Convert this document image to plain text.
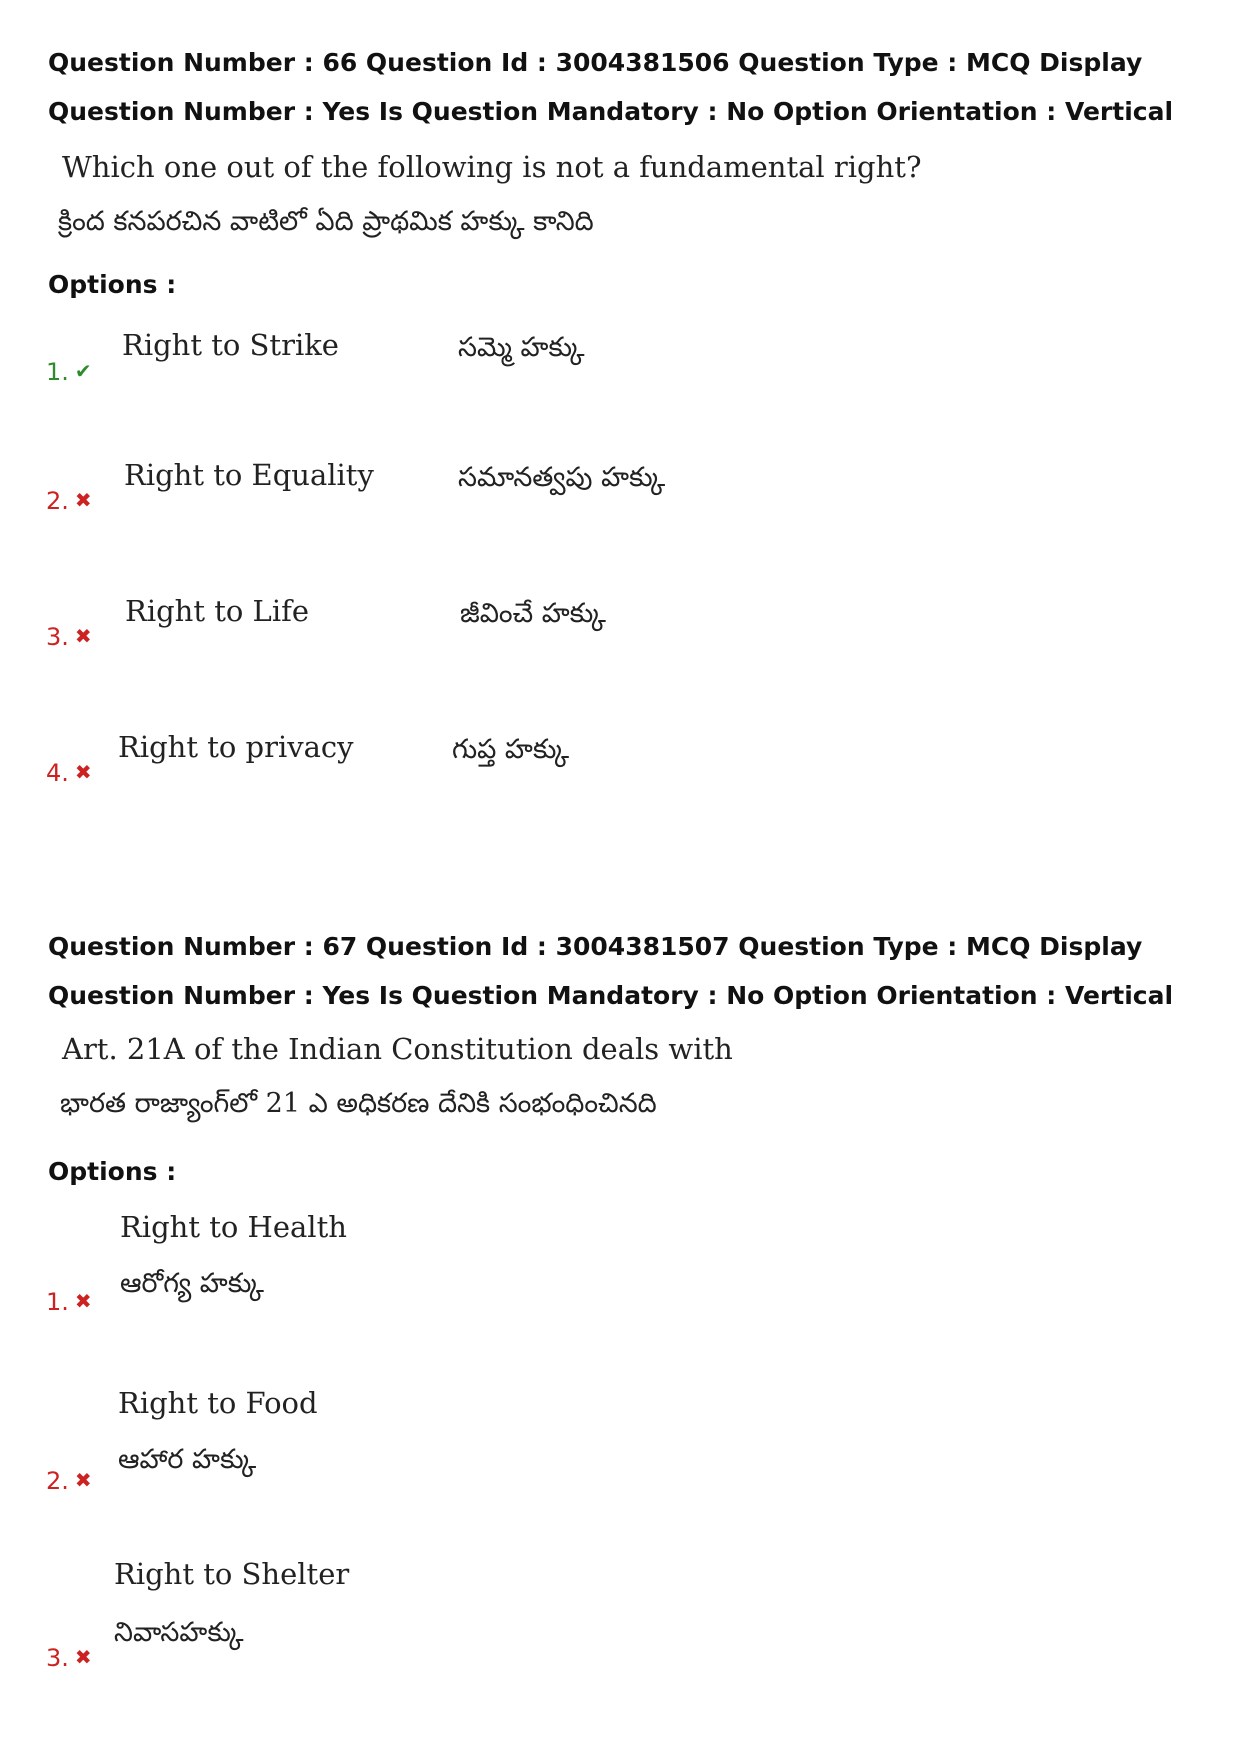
Question Number : 66 Question Id : 3004381506 Question Type : MCQ Display Question Number : Yes Is Question Mandatory : No Option Orientation : Vertical
Which one out of the following is not a fundamental right?
క్రింద కనపరచిన వాటిలో ఏది ప్రాథమిక హక్కు కానిది
Options :
1. ✔
Right to Strike	సమ్మె హక్కు
2. ✖
Right to Equality	సమానత్వపు హక్కు
3. ✖
Right to Life	జీవించే హక్కు
4. ✖
Right to privacy	గుప్త హక్కు
Question Number : 67 Question Id : 3004381507 Question Type : MCQ Display Question Number : Yes Is Question Mandatory : No Option Orientation : Vertical
Art. 21A of the Indian Constitution deals with
భారత రాజ్యాంగ్‌లో 21 ఎ అధికరణ దేనికి సంభంధించినది
Options :
1. ✖
Right to Health
ఆరోగ్య హక్కు
2. ✖
Right to Food
ఆహార హక్కు
3. ✖
Right to Shelter
నివాసహక్కు
